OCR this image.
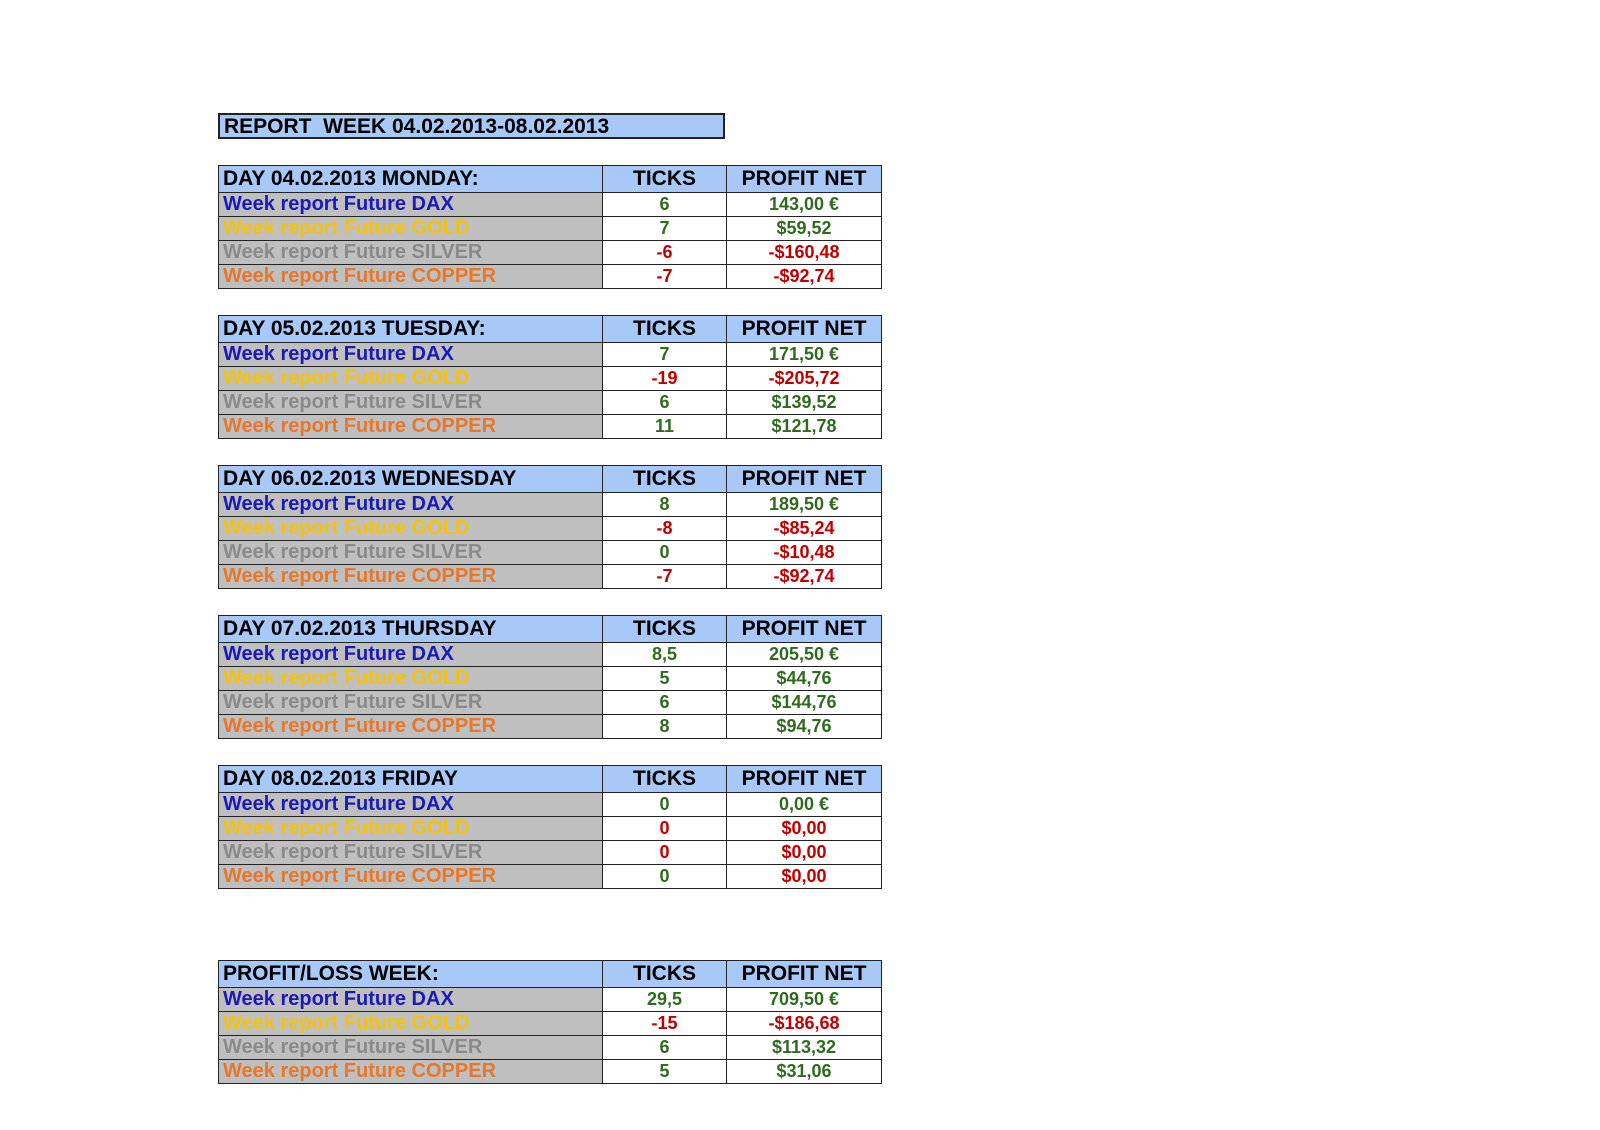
REPORT  WEEK 04.02.2013-08.02.2013
DAY 04.02.2013 MONDAY:	TICKS	PROFIT NET
Week report Future DAX	6	143,00 €
Week report Future GOLD	7	$59,52
Week report Future SILVER	-6	-$160,48
Week report Future COPPER	-7	-$92,74
DAY 05.02.2013 TUESDAY:	TICKS	PROFIT NET
Week report Future DAX	7	171,50 €
Week report Future GOLD	-19	-$205,72
Week report Future SILVER	6	$139,52
Week report Future COPPER	11	$121,78
DAY 06.02.2013 WEDNESDAY	TICKS	PROFIT NET
Week report Future DAX	8	189,50 €
Week report Future GOLD	-8	-$85,24
Week report Future SILVER	0	-$10,48
Week report Future COPPER	-7	-$92,74
DAY 07.02.2013 THURSDAY	TICKS	PROFIT NET
Week report Future DAX	8,5	205,50 €
Week report Future GOLD	5	$44,76
Week report Future SILVER	6	$144,76
Week report Future COPPER	8	$94,76
DAY 08.02.2013 FRIDAY	TICKS	PROFIT NET
Week report Future DAX	0	0,00 €
Week report Future GOLD	0	$0,00
Week report Future SILVER	0	$0,00
Week report Future COPPER	0	$0,00
PROFIT/LOSS WEEK:	TICKS	PROFIT NET
Week report Future DAX	29,5	709,50 €
Week report Future GOLD	-15	-$186,68
Week report Future SILVER	6	$113,32
Week report Future COPPER	5	$31,06
